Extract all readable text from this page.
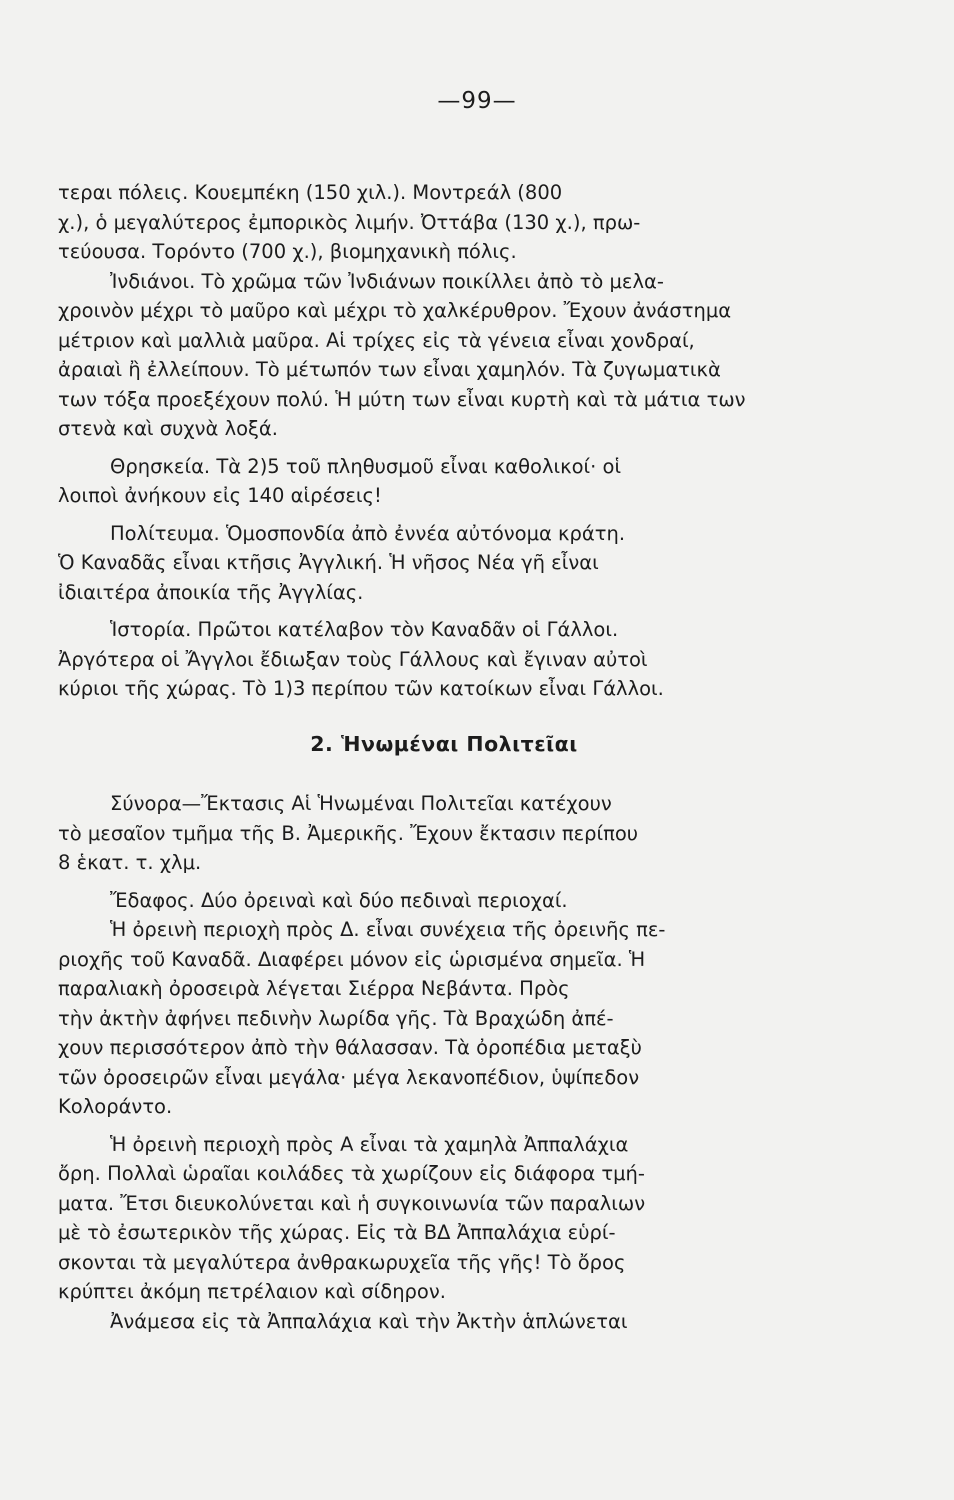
—99—
τεραι πόλεις. Κουεμπέκη (150 χιλ.). Μοντρεάλ (800
χ.), ὁ μεγαλύτερος ἐμπορικὸς λιμήν. Ὀττάβα (130 χ.), πρω-
τεύουσα. Τορόντο (700 χ.), βιομηχανικὴ πόλις.
Ἰνδιάνοι. Τὸ χρῶμα τῶν Ἰνδιάνων ποικίλλει ἀπὸ τὸ μελα-
χροινὸν μέχρι τὸ μαῦρο καὶ μέχρι τὸ χαλκέρυθρον. Ἔχουν ἀνάστημα
μέτριον καὶ μαλλιὰ μαῦρα. Αἱ τρίχες εἰς τὰ γένεια εἶναι χονδραί,
ἀραιαὶ ἢ ἐλλείπουν. Τὸ μέτωπόν των εἶναι χαμηλόν. Τὰ ζυγωματικὰ
των τόξα προεξέχουν πολύ. Ἡ μύτη των εἶναι κυρτὴ καὶ τὰ μάτια των
στενὰ καὶ συχνὰ λοξά.
Θρησκεία. Τὰ 2)5 τοῦ πληθυσμοῦ εἶναι καθολικοί· οἱ
λοιποὶ ἀνήκουν εἰς 140 αἱρέσεις!
Πολίτευμα. Ὁμοσπονδία ἀπὸ ἐννέα αὐτόνομα κράτη.
Ὁ Καναδᾶς εἶναι κτῆσις Ἀγγλική. Ἡ νῆσος Νέα γῆ εἶναι
ἰδιαιτέρα ἀποικία τῆς Ἀγγλίας.
Ἱστορία. Πρῶτοι κατέλαβον τὸν Καναδᾶν οἱ Γάλλοι.
Ἀργότερα οἱ Ἄγγλοι ἔδιωξαν τοὺς Γάλλους καὶ ἔγιναν αὐτοὶ
κύριοι τῆς χώρας. Τὸ 1)3 περίπου τῶν κατοίκων εἶναι Γάλλοι.
2. Ἡνωμέναι Πολιτεῖαι
Σύνορα—Ἔκτασις Αἱ Ἡνωμέναι Πολιτεῖαι κατέχουν
τὸ μεσαῖον τμῆμα τῆς Β. Ἀμερικῆς. Ἔχουν ἔκτασιν περίπου
8 ἑκατ. τ. χλμ.
Ἔδαφος. Δύο ὀρειναὶ καὶ δύο πεδιναὶ περιοχαί.
Ἡ ὀρεινὴ περιοχὴ πρὸς Δ. εἶναι συνέχεια τῆς ὀρεινῆς πε-
ριοχῆς τοῦ Καναδᾶ. Διαφέρει μόνον εἰς ὡρισμένα σημεῖα. Ἡ
παραλιακὴ ὀροσειρὰ λέγεται Σιέρρα Νεβάντα. Πρὸς
τὴν ἀκτὴν ἀφήνει πεδινὴν λωρίδα γῆς. Τὰ Βραχώδη ἀπέ-
χουν περισσότερον ἀπὸ τὴν θάλασσαν. Τὰ ὀροπέδια μεταξὺ
τῶν ὀροσειρῶν εἶναι μεγάλα· μέγα λεκανοπέδιον, ὑψίπεδον
Κολοράντο.
Ἡ ὀρεινὴ περιοχὴ πρὸς Α εἶναι τὰ χαμηλὰ Ἀππαλάχια
ὄρη. Πολλαὶ ὡραῖαι κοιλάδες τὰ χωρίζουν εἰς διάφορα τμή-
ματα. Ἔτσι διευκολύνεται καὶ ἡ συγκοινωνία τῶν παραλιων
μὲ τὸ ἐσωτερικὸν τῆς χώρας. Εἰς τὰ ΒΔ Ἀππαλάχια εὑρί-
σκονται τὰ μεγαλύτερα ἀνθρακωρυχεῖα τῆς γῆς! Τὸ ὄρος
κρύπτει ἀκόμη πετρέλαιον καὶ σίδηρον.
Ἀνάμεσα εἰς τὰ Ἀππαλάχια καὶ τὴν Ἀκτὴν ἁπλώνεται
